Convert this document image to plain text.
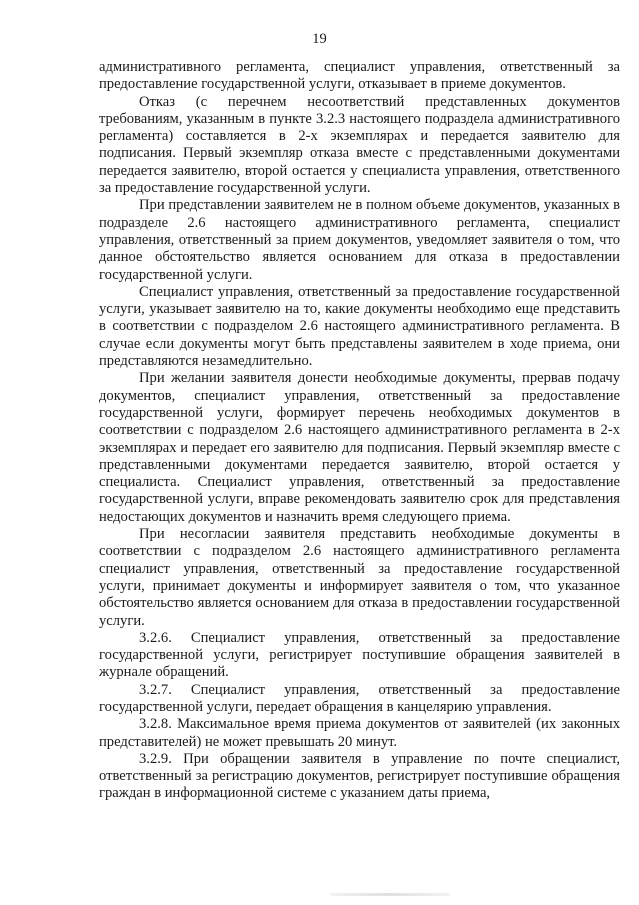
19

административного регламента, специалист управления, ответственный за предоставление государственной услуги, отказывает в приеме документов.

Отказ (с перечнем несоответствий представленных документов требованиям, указанным в пункте 3.2.3 настоящего подраздела административного регламента) составляется в 2-х экземплярах и передается заявителю для подписания. Первый экземпляр отказа вместе с представленными документами передается заявителю, второй остается у специалиста управления, ответственного за предоставление государственной услуги.

При представлении заявителем не в полном объеме документов, указанных в подразделе 2.6 настоящего административного регламента, специалист управления, ответственный за прием документов, уведомляет заявителя о том, что данное обстоятельство является основанием для отказа в предоставлении государственной услуги.

Специалист управления, ответственный за предоставление государственной услуги, указывает заявителю на то, какие документы необходимо еще представить в соответствии с подразделом 2.6 настоящего административного регламента. В случае если документы могут быть представлены заявителем в ходе приема, они представляются незамедлительно.

При желании заявителя донести необходимые документы, прервав подачу документов, специалист управления, ответственный за предоставление государственной услуги, формирует перечень необходимых документов в соответствии с подразделом 2.6 настоящего административного регламента в 2-х экземплярах и передает его заявителю для подписания. Первый экземпляр вместе с представленными документами передается заявителю, второй остается у специалиста. Специалист управления, ответственный за предоставление государственной услуги, вправе рекомендовать заявителю срок для представления недостающих документов и назначить время следующего приема.

При несогласии заявителя представить необходимые документы в соответствии с подразделом 2.6 настоящего административного регламента специалист управления, ответственный за предоставление государственной услуги, принимает документы и информирует заявителя о том, что указанное обстоятельство является основанием для отказа в предоставлении государственной услуги.

3.2.6. Специалист управления, ответственный за предоставление государственной услуги, регистрирует поступившие обращения заявителей в журнале обращений.

3.2.7. Специалист управления, ответственный за предоставление государственной услуги, передает обращения в канцелярию управления.

3.2.8. Максимальное время приема документов от заявителей (их законных представителей) не может превышать 20 минут.

3.2.9. При обращении заявителя в управление по почте специалист, ответственный за регистрацию документов, регистрирует поступившие обращения граждан в информационной системе с указанием даты приема,
